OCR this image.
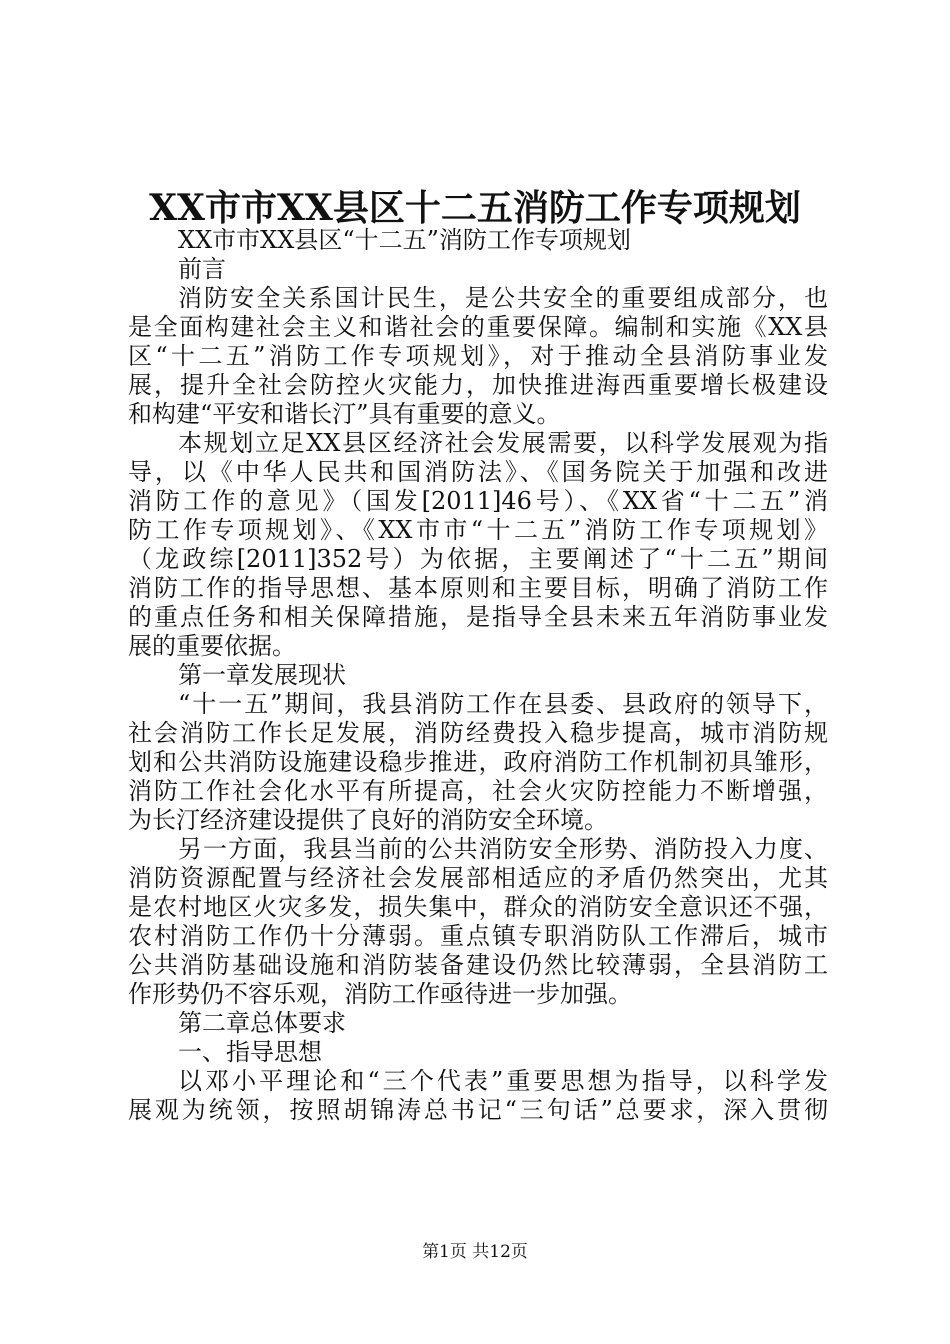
XX市市XX县区十二五消防工作专项规划
XX市市XX县区“十二五”消防工作专项规划
前言
消防安全关系国计民生，是公共安全的重要组成部分，也
是全面构建社会主义和谐社会的重要保障。编制和实施《XX县
区“十二五”消防工作专项规划》，对于推动全县消防事业发
展，提升全社会防控火灾能力，加快推进海西重要增长极建设
和构建“平安和谐长汀”具有重要的意义。
本规划立足XX县区经济社会发展需要，以科学发展观为指
导，以《中华人民共和国消防法》、《国务院关于加强和改进
消防工作的意见》（国发[2011]46号）、《XX省“十二五”消
防工作专项规划》、《XX市市“十二五”消防工作专项规划》
（龙政综[2011]352号）为依据，主要阐述了“十二五”期间
消防工作的指导思想、基本原则和主要目标，明确了消防工作
的重点任务和相关保障措施，是指导全县未来五年消防事业发
展的重要依据。
第一章发展现状
“十一五”期间，我县消防工作在县委、县政府的领导下，
社会消防工作长足发展，消防经费投入稳步提高，城市消防规
划和公共消防设施建设稳步推进，政府消防工作机制初具雏形，
消防工作社会化水平有所提高，社会火灾防控能力不断增强，
为长汀经济建设提供了良好的消防安全环境。
另一方面，我县当前的公共消防安全形势、消防投入力度、
消防资源配置与经济社会发展部相适应的矛盾仍然突出，尤其
是农村地区火灾多发，损失集中，群众的消防安全意识还不强，
农村消防工作仍十分薄弱。重点镇专职消防队工作滞后，城市
公共消防基础设施和消防装备建设仍然比较薄弱，全县消防工
作形势仍不容乐观，消防工作亟待进一步加强。
第二章总体要求
一、指导思想
以邓小平理论和“三个代表”重要思想为指导，以科学发
展观为统领，按照胡锦涛总书记“三句话”总要求，深入贯彻
第1页 共12页
